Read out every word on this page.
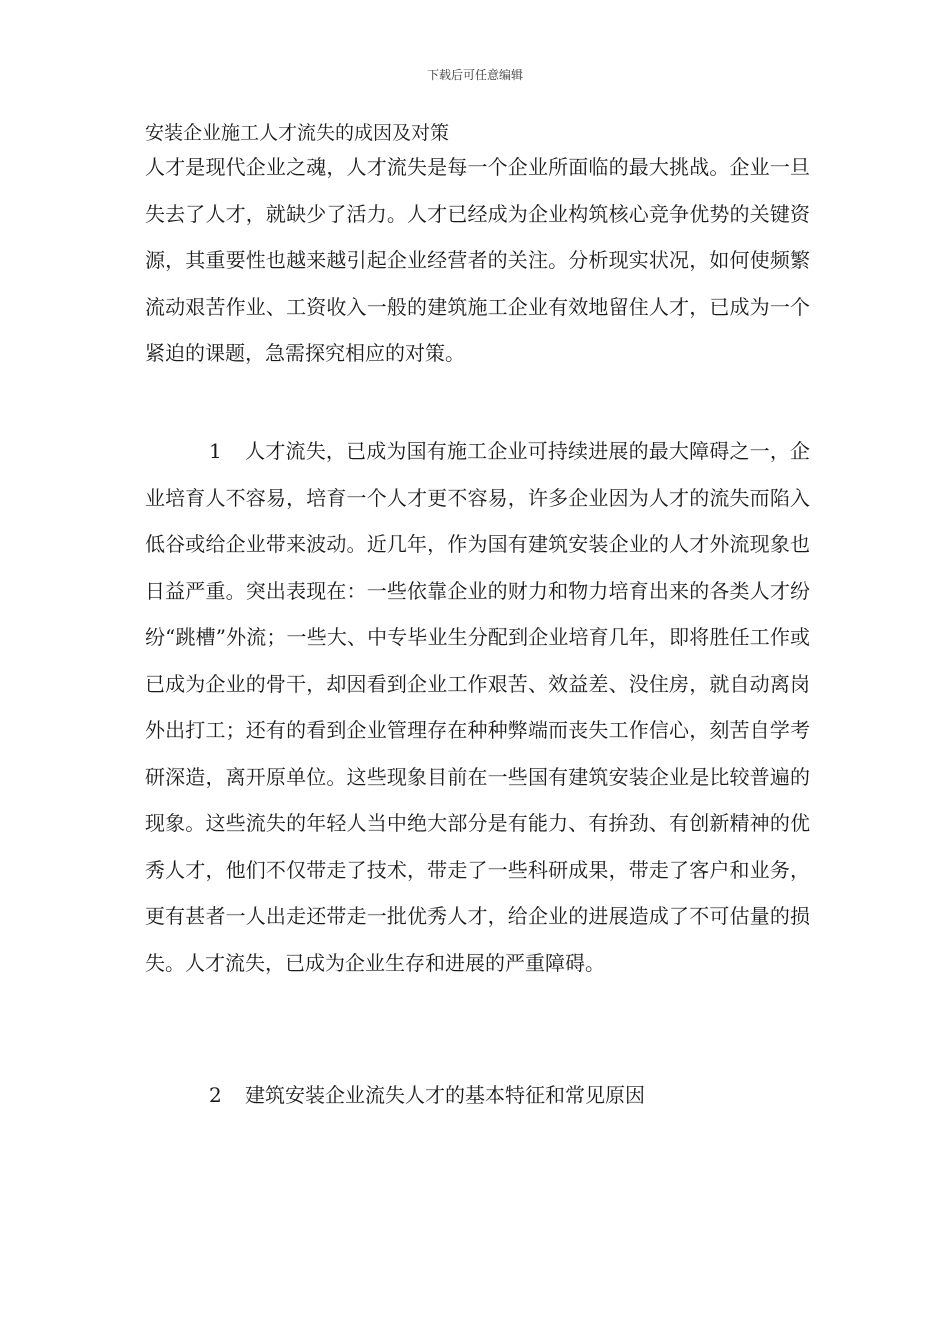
下载后可任意编辑
安装企业施工人才流失的成因及对策

人才是现代企业之魂，人才流失是每一个企业所面临的最大挑战。企业一旦失去了人才，就缺少了活力。人才已经成为企业构筑核心竞争优势的关键资源，其重要性也越来越引起企业经营者的关注。分析现实状况，如何使频繁流动艰苦作业、工资收入一般的建筑施工企业有效地留住人才，已成为一个紧迫的课题，急需探究相应的对策。

1 人才流失，已成为国有施工企业可持续进展的最大障碍之一，企业培育人不容易，培育一个人才更不容易，许多企业因为人才的流失而陷入低谷或给企业带来波动。近几年，作为国有建筑安装企业的人才外流现象也日益严重。突出表现在：一些依靠企业的财力和物力培育出来的各类人才纷纷“跳槽”外流；一些大、中专毕业生分配到企业培育几年，即将胜任工作或已成为企业的骨干，却因看到企业工作艰苦、效益差、没住房，就自动离岗外出打工；还有的看到企业管理存在种种弊端而丧失工作信心，刻苦自学考研深造，离开原单位。这些现象目前在一些国有建筑安装企业是比较普遍的现象。这些流失的年轻人当中绝大部分是有能力、有拚劲、有创新精神的优秀人才，他们不仅带走了技术，带走了一些科研成果，带走了客户和业务，更有甚者一人出走还带走一批优秀人才，给企业的进展造成了不可估量的损失。人才流失，已成为企业生存和进展的严重障碍。

2 建筑安装企业流失人才的基本特征和常见原因
